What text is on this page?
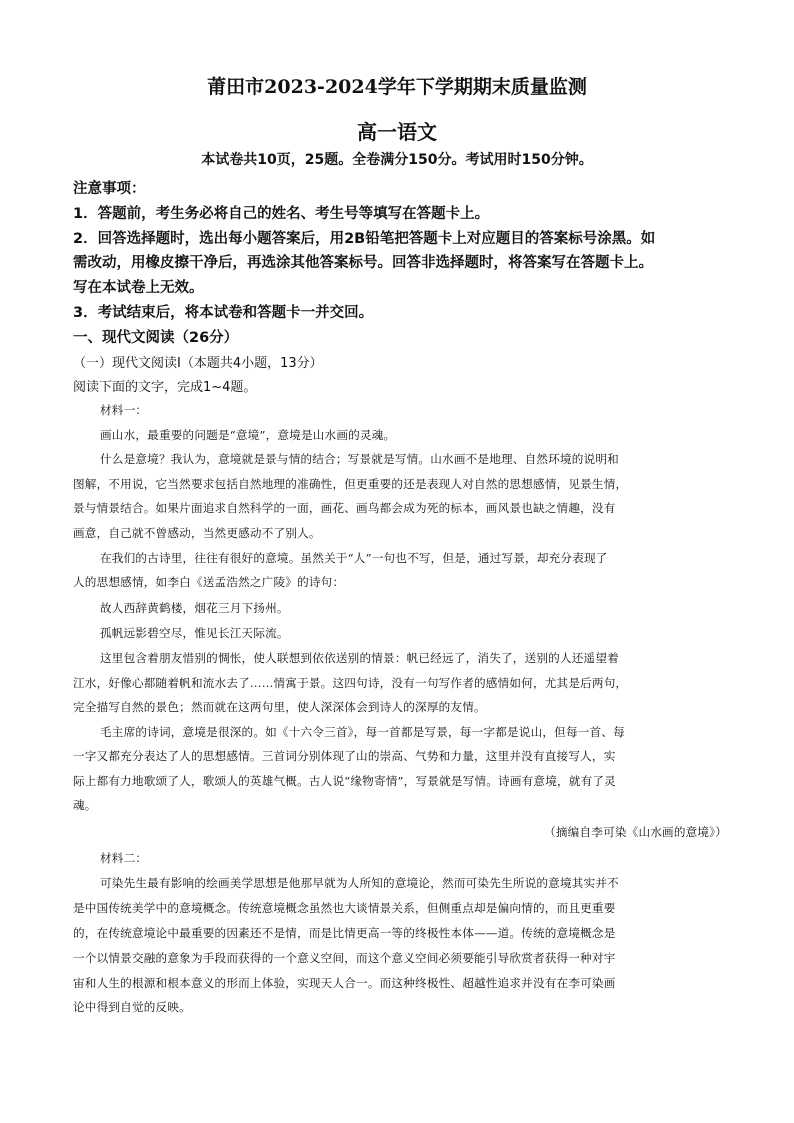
莆田市2023-2024学年下学期期末质量监测
高一语文
本试卷共10页，25题。全卷满分150分。考试用时150分钟。
注意事项：
1．答题前，考生务必将自己的姓名、考生号等填写在答题卡上。
2．回答选择题时，选出每小题答案后，用2B铅笔把答题卡上对应题目的答案标号涂黑。如
需改动，用橡皮擦干净后，再选涂其他答案标号。回答非选择题时，将答案写在答题卡上。
写在本试卷上无效。
3．考试结束后，将本试卷和答题卡一并交回。
一、现代文阅读（26分）
（一）现代文阅读Ⅰ（本题共4小题，13分）
阅读下面的文字，完成1~4题。
材料一：
画山水，最重要的问题是“意境”，意境是山水画的灵魂。
什么是意境？我认为，意境就是景与情的结合；写景就是写情。山水画不是地理、自然环境的说明和
图解，不用说，它当然要求包括自然地理的准确性，但更重要的还是表现人对自然的思想感情，见景生情，
景与情景结合。如果片面追求自然科学的一面，画花、画鸟都会成为死的标本，画风景也缺之情趣，没有
画意，自己就不曾感动，当然更感动不了别人。
在我们的古诗里，往往有很好的意境。虽然关于“人”一句也不写，但是，通过写景，却充分表现了
人的思想感情，如李白《送孟浩然之广陵》的诗句：
故人西辞黄鹤楼，烟花三月下扬州。
孤帆远影碧空尽，惟见长江天际流。
这里包含着朋友惜别的惆怅，使人联想到依依送别的情景：帆已经远了，消失了，送别的人还遥望着
江水，好像心都随着帆和流水去了……情寓于景。这四句诗，没有一句写作者的感情如何，尤其是后两句，
完全描写自然的景色；然而就在这两句里，使人深深体会到诗人的深厚的友情。
毛主席的诗词，意境是很深的。如《十六令三首》，每一首都是写景，每一字都是说山，但每一首、每
一字又都充分表达了人的思想感情。三首词分别体现了山的崇高、气势和力量，这里并没有直接写人，实
际上都有力地歌颂了人，歌颂人的英雄气概。古人说“缘物寄情”，写景就是写情。诗画有意境，就有了灵
魂。
（摘编自李可染《山水画的意境》）
材料二：
可染先生最有影响的绘画美学思想是他那早就为人所知的意境论，然而可染先生所说的意境其实并不
是中国传统美学中的意境概念。传统意境概念虽然也大谈情景关系，但侧重点却是偏向情的，而且更重要
的，在传统意境论中最重要的因素还不是情，而是比情更高一等的终极性本体——道。传统的意境概念是
一个以情景交融的意象为手段而获得的一个意义空间，而这个意义空间必须要能引导欣赏者获得一种对宇
宙和人生的根源和根本意义的形而上体验，实现天人合一。而这种终极性、超越性追求并没有在李可染画
论中得到自觉的反映。
